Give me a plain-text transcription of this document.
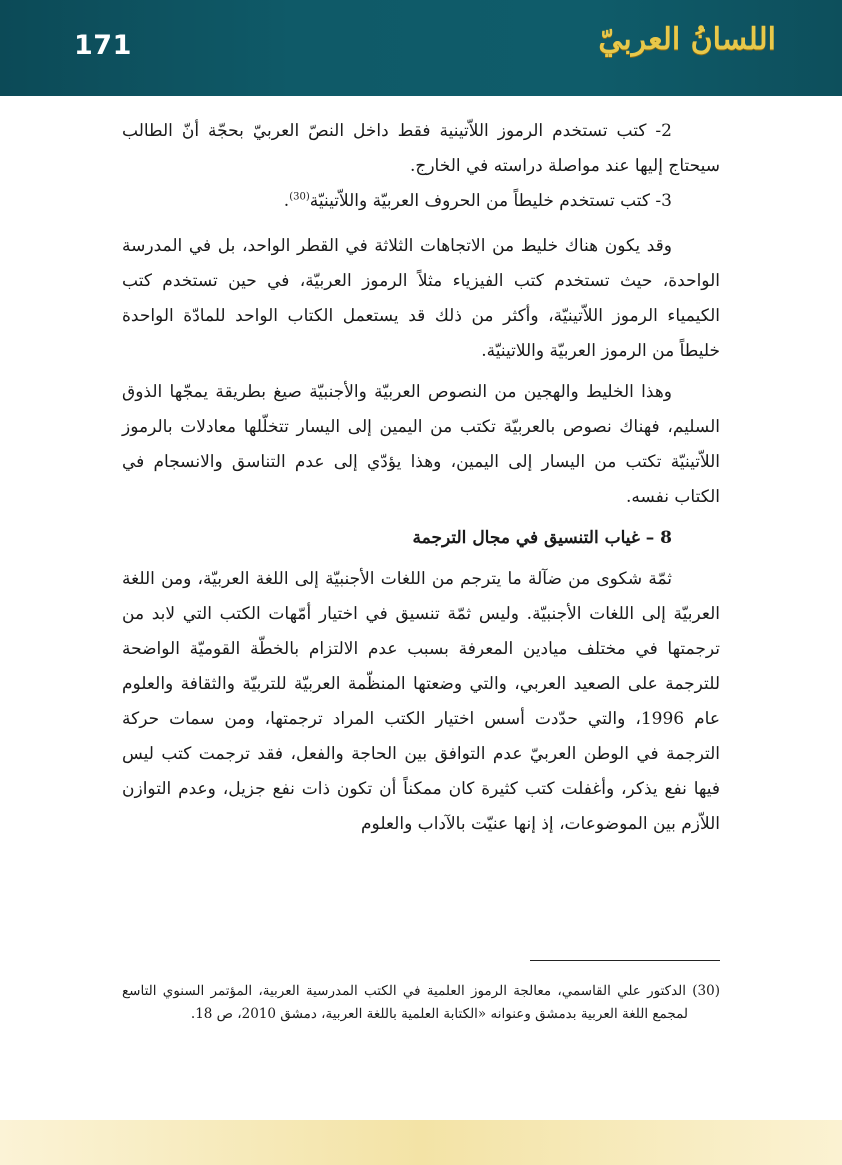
171	اللسانُ العربيّ

2- كتب تستخدم الرموز اللاّتينية فقط داخل النصّ العربيّ بحجّة أنّ الطالب سيحتاج إليها عند مواصلة دراسته في الخارج.

3- كتب تستخدم خليطاً من الحروف العربيّة واللاّتينيّة$^{(30)}$.

وقد يكون هناك خليط من الاتجاهات الثلاثة في القطر الواحد، بل في المدرسة الواحدة، حيث تستخدم كتب الفيزياء مثلاً الرموز العربيّة، في حين تستخدم كتب الكيمياء الرموز اللاّتينيّة، وأكثر من ذلك قد يستعمل الكتاب الواحد للمادّة الواحدة خليطاً من الرموز العربيّة واللاتينيّة.

وهذا الخليط والهجين من النصوص العربيّة والأجنبيّة صيغ بطريقة يمجّها الذوق السليم، فهناك نصوص بالعربيّة تكتب من اليمين إلى اليسار تتخلّلها معادلات بالرموز اللاّتينيّة تكتب من اليسار إلى اليمين، وهذا يؤدّي إلى عدم التناسق والانسجام في الكتاب نفسه.

8 – غياب التنسيق في مجال الترجمة

ثمّة شكوى من ضآلة ما يترجم من اللغات الأجنبيّة إلى اللغة العربيّة، ومن اللغة العربيّة إلى اللغات الأجنبيّة. وليس ثمّة تنسيق في اختيار أمّهات الكتب التي لابد من ترجمتها في مختلف ميادين المعرفة بسبب عدم الالتزام بالخطّة القوميّة الواضحة للترجمة على الصعيد العربي، والتي وضعتها المنظّمة العربيّة للتربيّة والثقافة والعلوم عام 1996، والتي حدّدت أسس اختيار الكتب المراد ترجمتها، ومن سمات حركة الترجمة في الوطن العربيّ عدم التوافق بين الحاجة والفعل، فقد ترجمت كتب ليس فيها نفع يذكر، وأغفلت كتب كثيرة كان ممكناً أن تكون ذات نفع جزيل، وعدم التوازن اللاّزم بين الموضوعات، إذ إنها عنيّت بالآداب والعلوم

(30) الدكتور علي القاسمي، معالجة الرموز العلمية في الكتب المدرسية العربية، المؤتمر السنوي التاسع لمجمع اللغة العربية بدمشق وعنوانه «الكتابة العلمية باللغة العربية، دمشق 2010، ص 18.
